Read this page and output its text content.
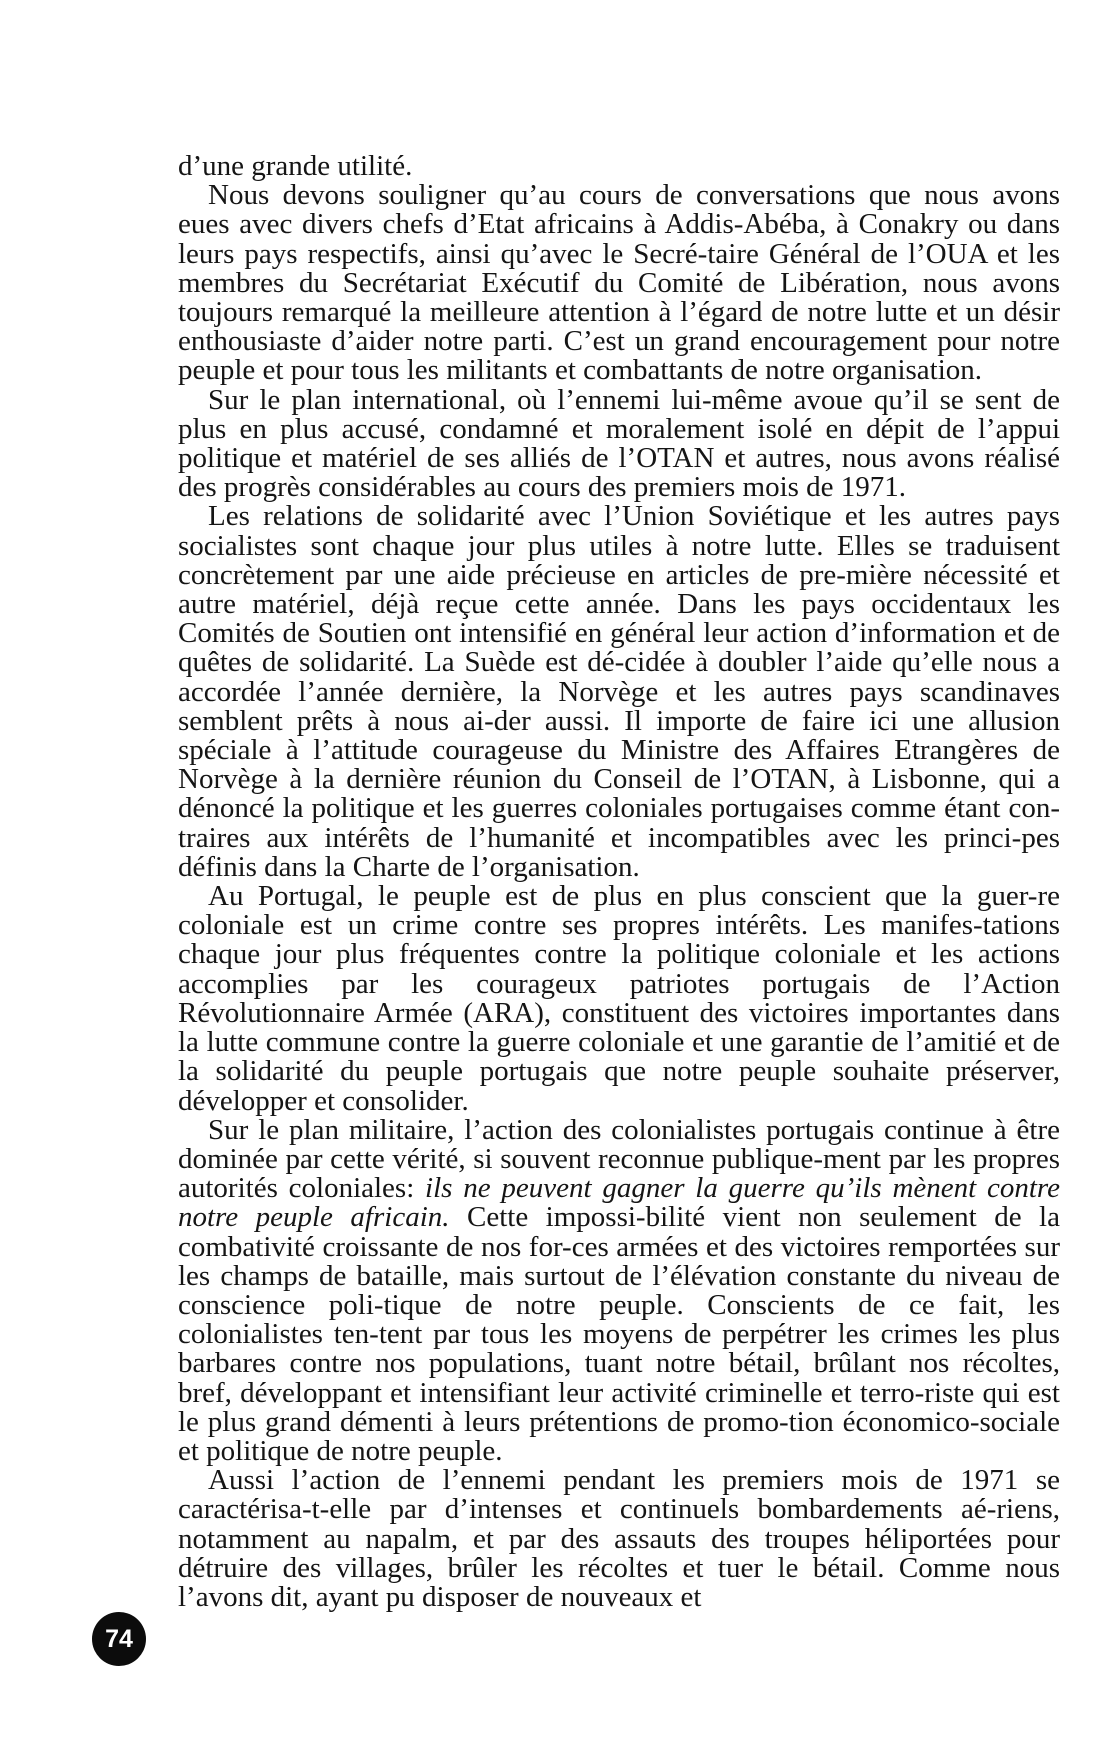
d’une grande utilité.

Nous devons souligner qu’au cours de conversations que nous avons eues avec divers chefs d’Etat africains à Addis-Abéba, à Conakry ou dans leurs pays respectifs, ainsi qu’avec le Secré-taire Général de l’OUA et les membres du Secrétariat Exécutif du Comité de Libération, nous avons toujours remarqué la meilleure attention à l’égard de notre lutte et un désir enthousiaste d’aider notre parti. C’est un grand encouragement pour notre peuple et pour tous les militants et combattants de notre organisation.

Sur le plan international, où l’ennemi lui-même avoue qu’il se sent de plus en plus accusé, condamné et moralement isolé en dépit de l’appui politique et matériel de ses alliés de l’OTAN et autres, nous avons réalisé des progrès considérables au cours des premiers mois de 1971.

Les relations de solidarité avec l’Union Soviétique et les autres pays socialistes sont chaque jour plus utiles à notre lutte. Elles se traduisent concrètement par une aide précieuse en articles de pre-mière nécessité et autre matériel, déjà reçue cette année. Dans les pays occidentaux les Comités de Soutien ont intensifié en général leur action d’information et de quêtes de solidarité. La Suède est dé-cidée à doubler l’aide qu’elle nous a accordée l’année dernière, la Norvège et les autres pays scandinaves semblent prêts à nous ai-der aussi. Il importe de faire ici une allusion spéciale à l’attitude courageuse du Ministre des Affaires Etrangères de Norvège à la dernière réunion du Conseil de l’OTAN, à Lisbonne, qui a dénoncé la politique et les guerres coloniales portugaises comme étant con-traires aux intérêts de l’humanité et incompatibles avec les princi-pes définis dans la Charte de l’organisation.

Au Portugal, le peuple est de plus en plus conscient que la guer-re coloniale est un crime contre ses propres intérêts. Les manifes-tations chaque jour plus fréquentes contre la politique coloniale et les actions accomplies par les courageux patriotes portugais de l’Action Révolutionnaire Armée (ARA), constituent des victoires importantes dans la lutte commune contre la guerre coloniale et une garantie de l’amitié et de la solidarité du peuple portugais que notre peuple souhaite préserver, développer et consolider.

Sur le plan militaire, l’action des colonialistes portugais continue à être dominée par cette vérité, si souvent reconnue publique-ment par les propres autorités coloniales: ils ne peuvent gagner la guerre qu’ils mènent contre notre peuple africain. Cette impossi-bilité vient non seulement de la combativité croissante de nos for-ces armées et des victoires remportées sur les champs de bataille, mais surtout de l’élévation constante du niveau de conscience poli-tique de notre peuple. Conscients de ce fait, les colonialistes ten-tent par tous les moyens de perpétrer les crimes les plus barbares contre nos populations, tuant notre bétail, brûlant nos récoltes, bref, développant et intensifiant leur activité criminelle et terro-riste qui est le plus grand démenti à leurs prétentions de promo-tion économico-sociale et politique de notre peuple.

Aussi l’action de l’ennemi pendant les premiers mois de 1971 se caractérisa-t-elle par d’intenses et continuels bombardements aé-riens, notamment au napalm, et par des assauts des troupes héliportées pour détruire des villages, brûler les récoltes et tuer le bétail. Comme nous l’avons dit, ayant pu disposer de nouveaux et

74
